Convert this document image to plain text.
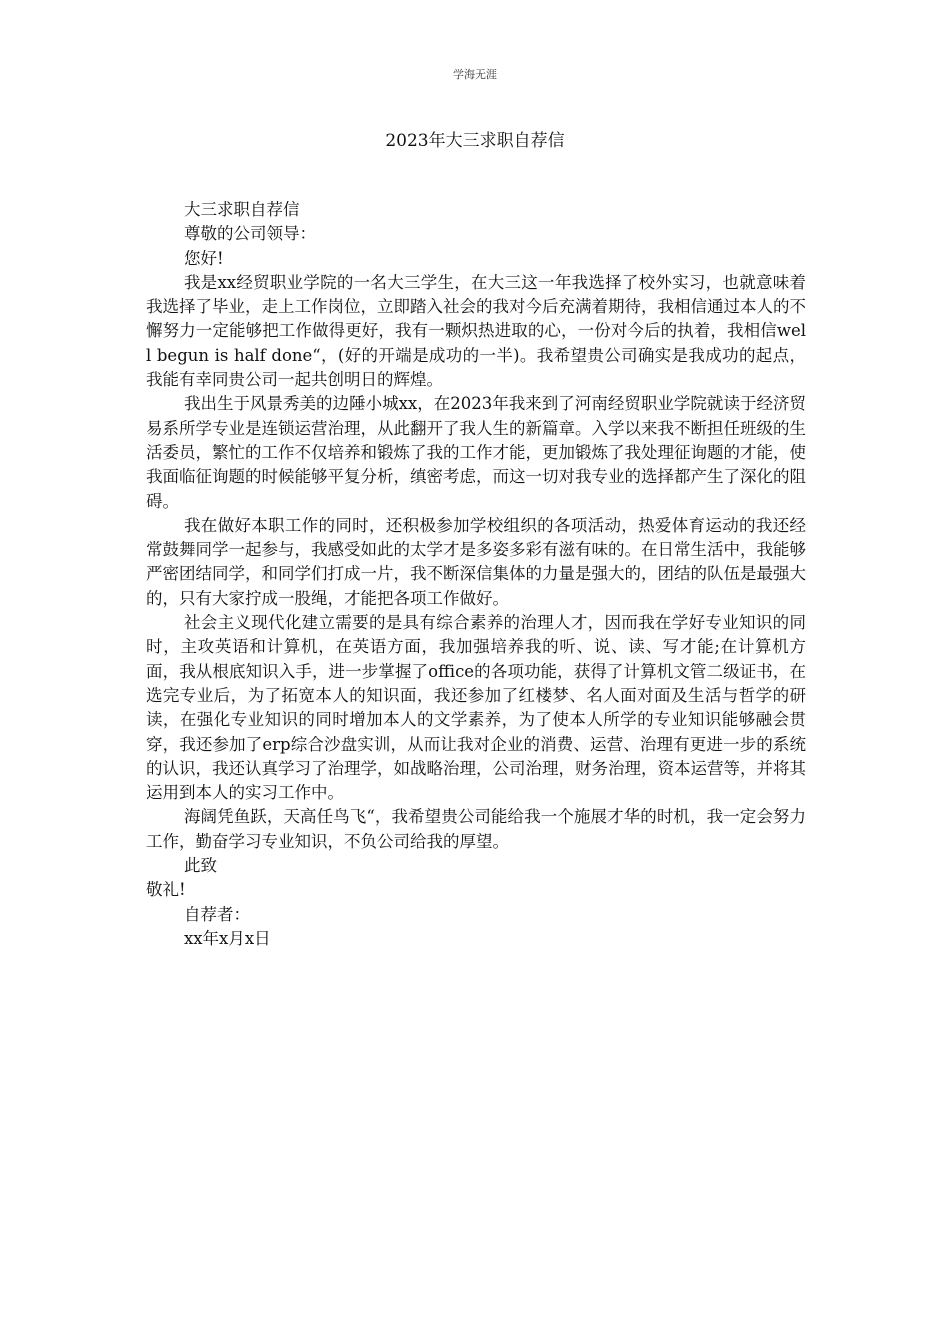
学海无涯
2023年大三求职自荐信

大三求职自荐信

尊敬的公司领导：

您好!

我是xx经贸职业学院的一名大三学生，在大三这一年我选择了校外实习，也就意味着我选择了毕业，走上工作岗位，立即踏入社会的我对今后充满着期待，我相信通过本人的不懈努力一定能够把工作做得更好，我有一颗炽热进取的心，一份对今后的执着，我相信well begun is half done“，(好的开端是成功的一半)。我希望贵公司确实是我成功的起点，我能有幸同贵公司一起共创明日的辉煌。

我出生于风景秀美的边陲小城xx，在2023年我来到了河南经贸职业学院就读于经济贸易系所学专业是连锁运营治理，从此翻开了我人生的新篇章。入学以来我不断担任班级的生活委员，繁忙的工作不仅培养和锻炼了我的工作才能，更加锻炼了我处理征询题的才能，使我面临征询题的时候能够平复分析，缜密考虑，而这一切对我专业的选择都产生了深化的阻碍。

我在做好本职工作的同时，还积极参加学校组织的各项活动，热爱体育运动的我还经常鼓舞同学一起参与，我感受如此的太学才是多姿多彩有滋有味的。在日常生活中，我能够严密团结同学，和同学们打成一片，我不断深信集体的力量是强大的，团结的队伍是最强大的，只有大家拧成一股绳，才能把各项工作做好。

社会主义现代化建立需要的是具有综合素养的治理人才，因而我在学好专业知识的同时，主攻英语和计算机，在英语方面，我加强培养我的听、说、读、写才能;在计算机方面，我从根底知识入手，进一步掌握了office的各项功能，获得了计算机文管二级证书，在选完专业后，为了拓宽本人的知识面，我还参加了红楼梦、名人面对面及生活与哲学的研读，在强化专业知识的同时增加本人的文学素养，为了使本人所学的专业知识能够融会贯穿，我还参加了erp综合沙盘实训，从而让我对企业的消费、运营、治理有更进一步的系统的认识，我还认真学习了治理学，如战略治理，公司治理，财务治理，资本运营等，并将其运用到本人的实习工作中。

海阔凭鱼跃，天高任鸟飞“，我希望贵公司能给我一个施展才华的时机，我一定会努力工作，勤奋学习专业知识，不负公司给我的厚望。

此致

敬礼!

自荐者：

xx年x月x日
